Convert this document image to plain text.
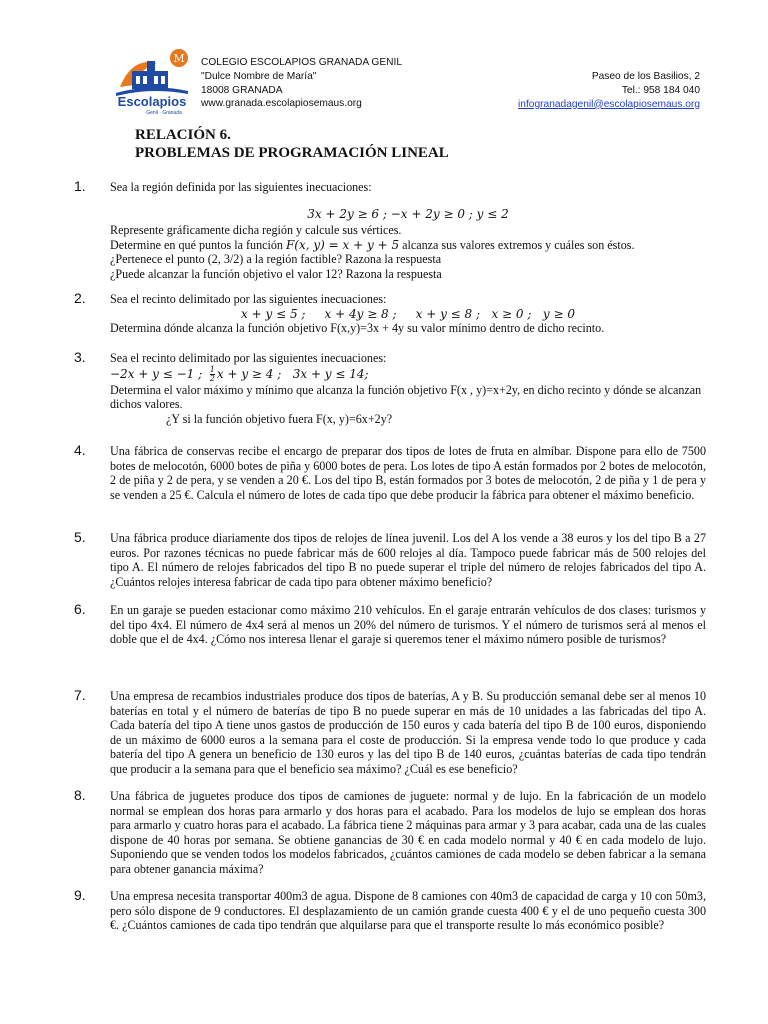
M
Escolapios
Genil · Granada
COLEGIO ESCOLAPIOS GRANADA GENIL
"Dulce Nombre de María"
18008 GRANADA
www.granada.escolapiosemaus.org
Paseo de los Basilios, 2
Tel.: 958 184 040
infogranadagenil@escolapiosemaus.org
RELACIÓN 6.
PROBLEMAS DE PROGRAMACIÓN LINEAL
1. Sea la región definida por las siguientes inecuaciones:

3x + 2y ≥ 6 ; −x + 2y ≥ 0 ; y ≤ 2

Represente gráficamente dicha región y calcule sus vértices.

Determine en qué puntos la función F(x, y) = x + y + 5 alcanza sus valores extremos y cuáles son éstos.

¿Pertenece el punto (2, 3/2) a la región factible? Razona la respuesta

¿Puede alcanzar la función objetivo el valor 12? Razona la respuesta

2. Sea el recinto delimitado por las siguientes inecuaciones:

x + y ≤ 5 ;     x + 4y ≥ 8 ;     x + y ≤ 8 ;   x ≥ 0 ;   y ≥ 0

Determina dónde alcanza la función objetivo F(x,y)=3x + 4y su valor mínimo dentro de dicho recinto.

3. Sea el recinto delimitado por las siguientes inecuaciones:

−2x + y ≤ −1 ; $\frac{1}{2}$ x + y ≥ 4 ;   3x + y ≤ 14;

Determina el valor máximo y mínimo que alcanza la función objetivo F(x , y)=x+2y, en dicho recinto y dónde se alcanzan dichos valores.

¿Y si la función objetivo fuera F(x, y)=6x+2y?

4. Una fábrica de conservas recibe el encargo de preparar dos tipos de lotes de fruta en almíbar. Dispone para ello de 7500 botes de melocotón, 6000 botes de piña y 6000 botes de pera. Los lotes de tipo A están formados por 2 botes de melocotón, 2 de piña y 2 de pera, y se venden a 20 €. Los del tipo B, están formados por 3 botes de melocotón, 2 de piña y 1 de pera y se venden a 25 €. Calcula el número de lotes de cada tipo que debe producir la fábrica para obtener el máximo beneficio.
5. Una fábrica produce diariamente dos tipos de relojes de línea juvenil. Los del A los vende a 38 euros y los del tipo B a 27 euros. Por razones técnicas no puede fabricar más de 600 relojes al día. Tampoco puede fabricar más de 500 relojes del tipo A. El número de relojes fabricados del tipo B no puede superar el triple del número de relojes fabricados del tipo A. ¿Cuántos relojes interesa fabricar de cada tipo para obtener máximo beneficio?
6. En un garaje se pueden estacionar como máximo 210 vehículos. En el garaje entrarán vehículos de dos clases: turismos y del tipo 4x4. El número de 4x4 será al menos un 20% del número de turismos. Y el número de turismos será al menos el doble que el de 4x4. ¿Cómo nos interesa llenar el garaje si queremos tener el máximo número posible de turismos?
7. Una empresa de recambios industriales produce dos tipos de baterías, A y B. Su producción semanal debe ser al menos 10 baterías en total y el número de baterías de tipo B no puede superar en más de 10 unidades a las fabricadas del tipo A. Cada batería del tipo A tiene unos gastos de producción de 150 euros y cada batería del tipo B de 100 euros, disponiendo de un máximo de 6000 euros a la semana para el coste de producción. Si la empresa vende todo lo que produce y cada batería del tipo A genera un beneficio de 130 euros y las del tipo B de 140 euros, ¿cuántas baterías de cada tipo tendrán que producir a la semana para que el beneficio sea máximo? ¿Cuál es ese beneficio?
8. Una fábrica de juguetes produce dos tipos de camiones de juguete: normal y de lujo. En la fabricación de un modelo normal se emplean dos horas para armarlo y dos horas para el acabado. Para los modelos de lujo se emplean dos horas para armarlo y cuatro horas para el acabado. La fábrica tiene 2 máquinas para armar y 3 para acabar, cada una de las cuales dispone de 40 horas por semana. Se obtiene ganancias de 30 € en cada modelo normal y 40 € en cada modelo de lujo. Suponiendo que se venden todos los modelos fabricados, ¿cuántos camiones de cada modelo se deben fabricar a la semana para obtener ganancia máxima?
9. Una empresa necesita transportar 400m3 de agua. Dispone de 8 camiones con 40m3 de capacidad de carga y 10 con 50m3, pero sólo dispone de 9 conductores. El desplazamiento de un camión grande cuesta 400 € y el de uno pequeño cuesta 300 €. ¿Cuántos camiones de cada tipo tendrán que alquilarse para que el transporte resulte lo más económico posible?
